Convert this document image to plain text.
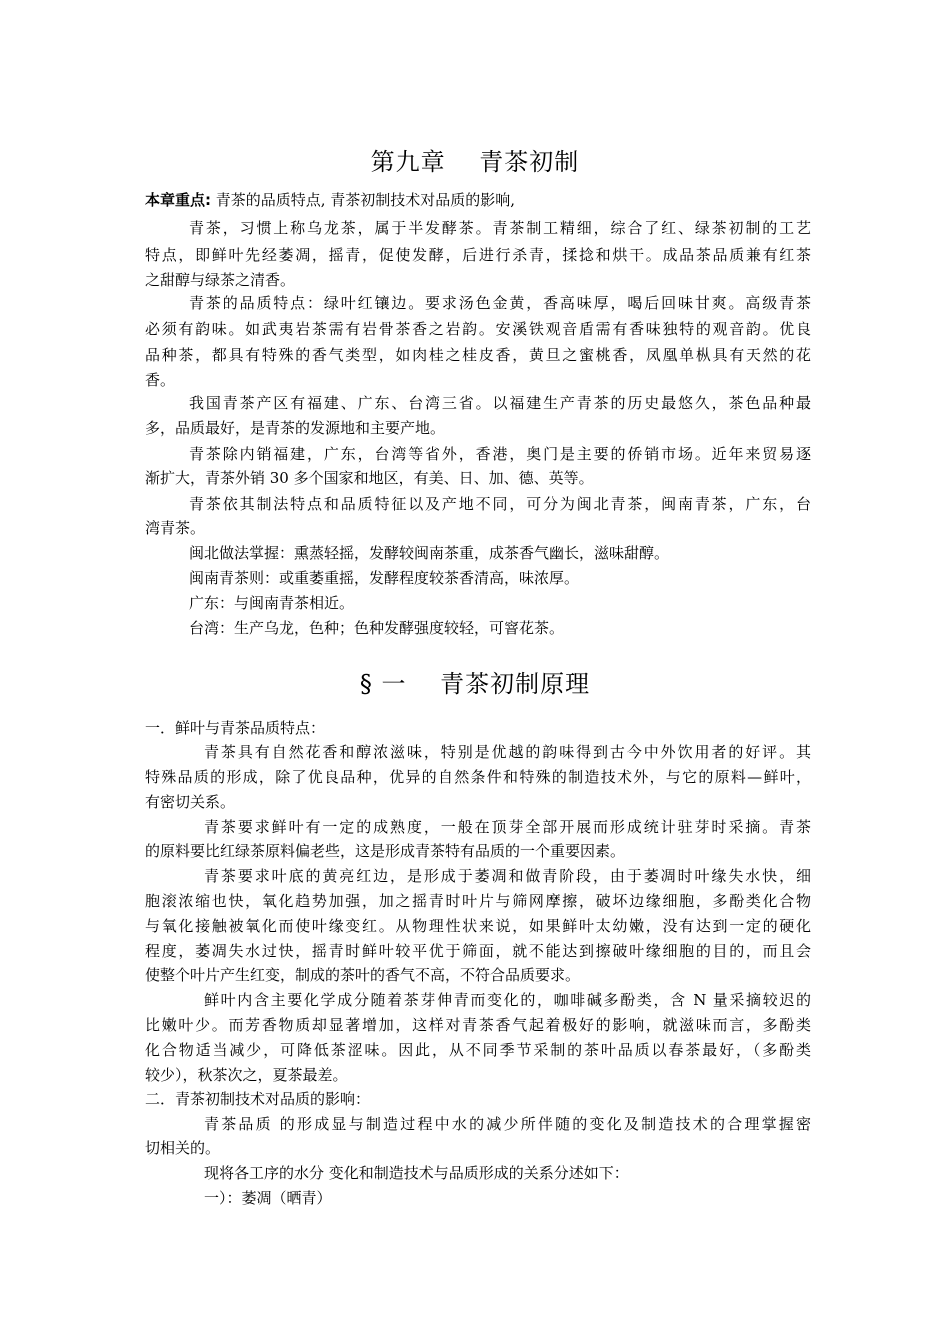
第九章　 青茶初制
本章重点: 青茶的品质特点, 青茶初制技术对品质的影响,
青茶，习惯上称乌龙茶，属于半发酵茶。青茶制工精细，综合了红、绿茶初制的工艺
特点，即鲜叶先经萎凋，摇青，促使发酵，后进行杀青，揉捻和烘干。成品茶品质兼有红茶
之甜醇与绿茶之清香。
青茶的品质特点：绿叶红镶边。要求汤色金黄，香高味厚，喝后回味甘爽。高级青茶
必须有韵味。如武夷岩茶需有岩骨茶香之岩韵。安溪铁观音盾需有香味独特的观音韵。优良
品种茶，都具有特殊的香气类型，如肉桂之桂皮香，黄旦之蜜桃香，凤凰单枞具有天然的花
香。
我国青茶产区有福建、广东、台湾三省。以福建生产青茶的历史最悠久，茶色品种最
多，品质最好，是青茶的发源地和主要产地。
青茶除内销福建，广东，台湾等省外，香港，奥门是主要的侨销市场。近年来贸易逐
渐扩大，青茶外销 30 多个国家和地区，有美、日、加、德、英等。
青茶依其制法特点和品质特征以及产地不同，可分为闽北青茶，闽南青茶，广东，台
湾青茶。
闽北做法掌握：熏蒸轻摇，发酵较闽南茶重，成茶香气幽长，滋味甜醇。
闽南青茶则：或重萎重摇，发酵程度较茶香清高，味浓厚。
广东：与闽南青茶相近。
台湾：生产乌龙，色种；色种发酵强度较轻，可窨花茶。
§ 一　 青茶初制原理
一．鲜叶与青茶品质特点：
青茶具有自然花香和醇浓滋味，特别是优越的韵味得到古今中外饮用者的好评。其
特殊品质的形成，除了优良品种，优异的自然条件和特殊的制造技术外，与它的原料—鲜叶，
有密切关系。
青茶要求鲜叶有一定的成熟度，一般在顶芽全部开展而形成统计驻芽时采摘。青茶
的原料要比红绿茶原料偏老些，这是形成青茶特有品质的一个重要因素。
青茶要求叶底的黄亮红边，是形成于萎凋和做青阶段，由于萎凋时叶缘失水快，细
胞滚浓缩也快，氧化趋势加强，加之摇青时叶片与筛网摩擦，破坏边缘细胞，多酚类化合物
与氧化接触被氧化而使叶缘变红。从物理性状来说，如果鲜叶太幼嫩，没有达到一定的硬化
程度，萎凋失水过快，摇青时鲜叶较平优于筛面，就不能达到擦破叶缘细胞的目的，而且会
使整个叶片产生红变，制成的茶叶的香气不高，不符合品质要求。
鲜叶内含主要化学成分随着茶芽伸青而变化的，咖啡碱多酚类，含 N 量采摘较迟的
比嫩叶少。而芳香物质却显著增加，这样对青茶香气起着极好的影响，就滋味而言，多酚类
化合物适当减少，可降低茶涩味。因此，从不同季节采制的茶叶品质以春茶最好，（多酚类
较少），秋茶次之，夏茶最差。
二．青茶初制技术对品质的影响：
青茶品质 的形成显与制造过程中水的减少所伴随的变化及制造技术的合理掌握密
切相关的。
现将各工序的水分 变化和制造技术与品质形成的关系分述如下：
一）：萎凋（晒青）
